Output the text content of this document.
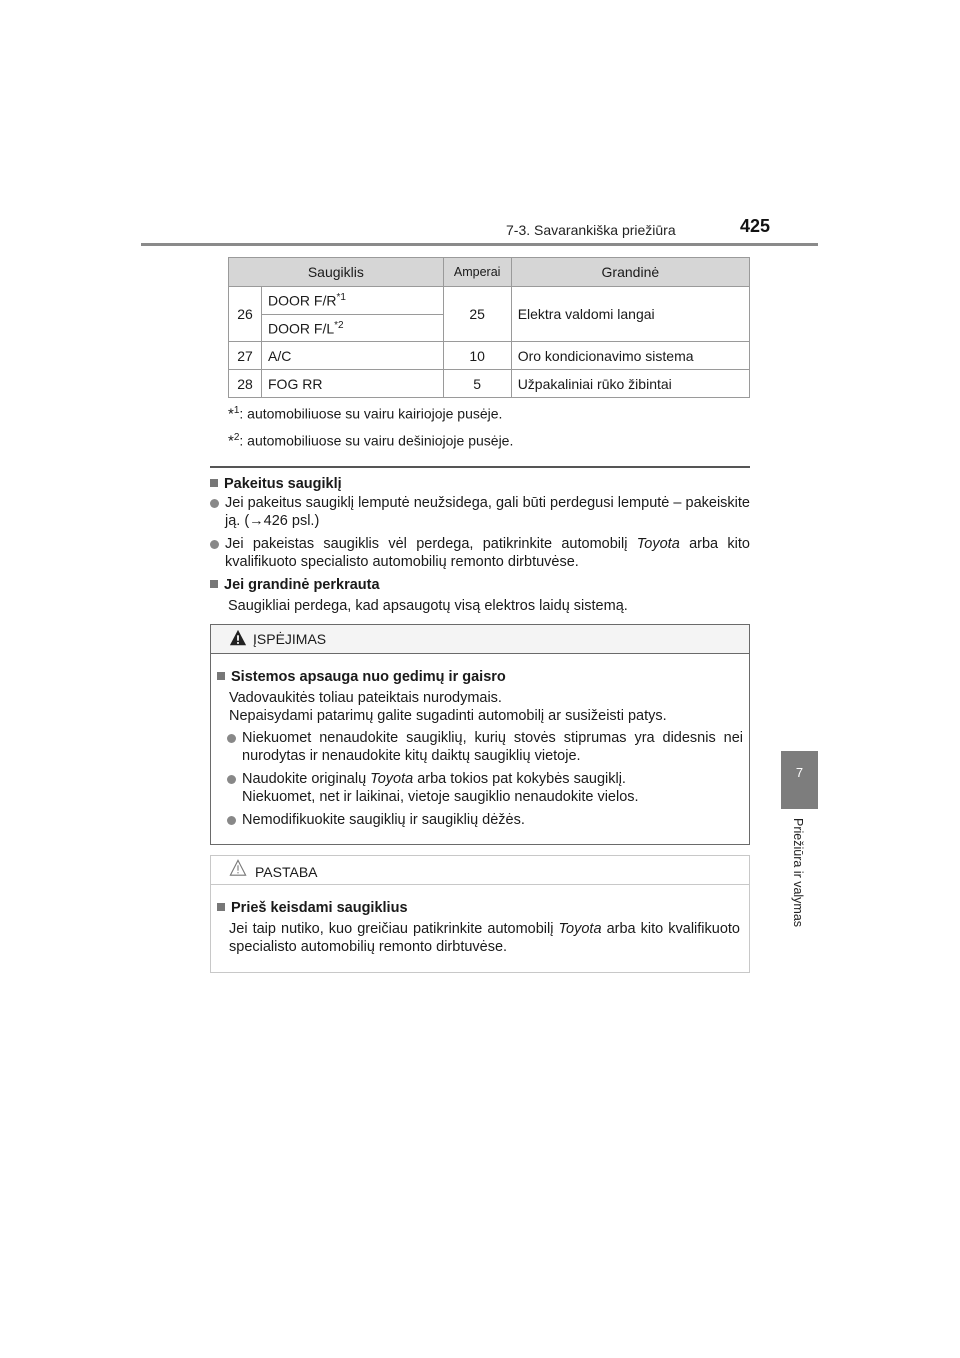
7-3. Savarankiška priežiūra	425
7
Priežiūra ir valymas
Saugiklis		Amperai	Grandinė
26	DOOR $F/R^{*1}$	25	Elektra valdomi langai
	DOOR $F/L^{*2}$
27	A/C	10	Oro kondicionavimo sistema
28	FOG RR	5	Užpakaliniai rūko žibintai
*$^1$: automobiliuose su vairu kairiojoje pusėje.
*$^2$: automobiliuose su vairu dešiniojoje pusėje.
Pakeitus saugiklį
Jei pakeitus saugiklį lemputė neužsidega, gali būti perdegusi lemputė – pakeiskite ją. (→426 psl.)
Jei pakeistas saugiklis vėl perdega, patikrinkite automobilį Toyota arba kito kvalifikuoto specialisto automobilių remonto dirbtuvėse.
Jei grandinė perkrauta
Saugikliai perdega, kad apsaugotų visą elektros laidų sistemą.
ĮSPĖJIMAS
Sistemos apsauga nuo gedimų ir gaisro
Vadovaukitės toliau pateiktais nurodymais.
Nepaisydami patarimų galite sugadinti automobilį ar susižeisti patys.
Niekuomet nenaudokite saugiklių, kurių stovės stiprumas yra didesnis nei nurodytas ir nenaudokite kitų daiktų saugiklių vietoje.
Naudokite originalų Toyota arba tokios pat kokybės saugiklį.
Niekuomet, net ir laikinai, vietoje saugiklio nenaudokite vielos.
Nemodifikuokite saugiklių ir saugiklių dėžės.
PASTABA
Prieš keisdami saugiklius
Jei taip nutiko, kuo greičiau patikrinkite automobilį Toyota arba kito kvalifikuoto specialisto automobilių remonto dirbtuvėse.
